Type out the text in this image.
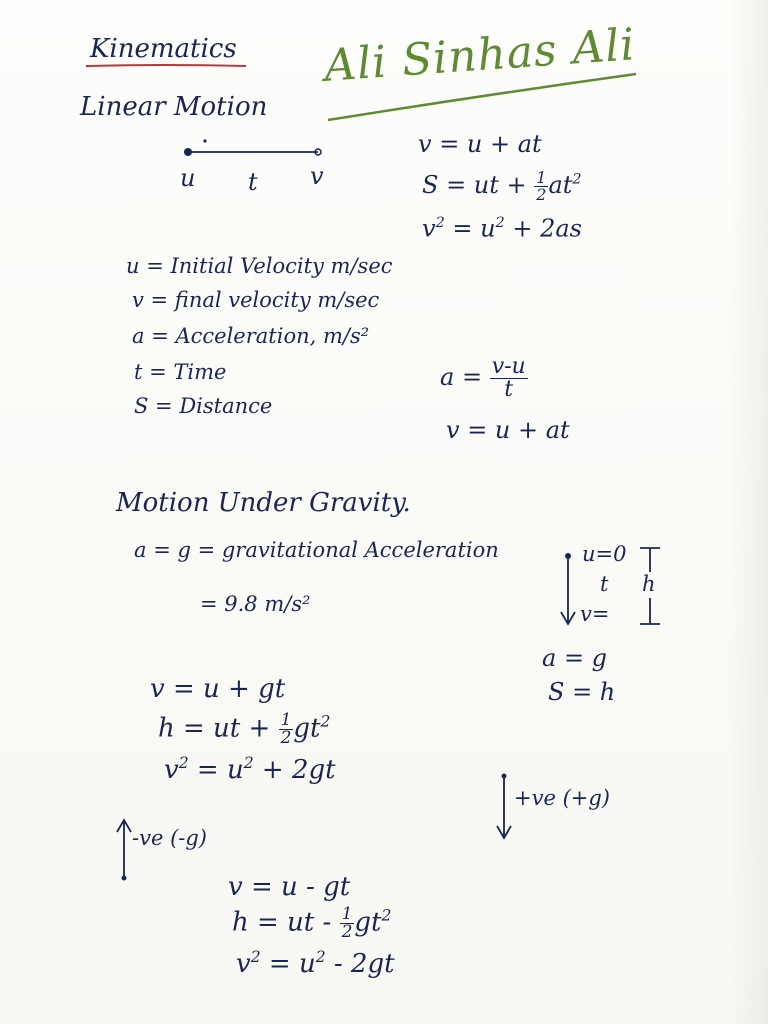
Kinematics
Linear Motion
Ali Sinhas Ali
u t v
v = u + at
S = ut + $\frac{1}{2} at^2$
$v^2 = u^2 + 2as$
u = Initial Velocity m/sec
v = final velocity m/sec
a = Acceleration, m/s²
t = Time
S = Distance
$a = \frac{v-u}{t}$
v = u + at
Motion Under Gravity.
a = g = gravitational Acceleration
= 9.8 m/s²
u=0
t
v=
h
a = g
S = h
v = u + gt
h = ut + $\frac{1}{2} gt^2$
$v^2 = u^2 + 2gt$
+ve (+g)
-ve (-g)
v = u - gt
h = ut - $\frac{1}{2} gt^2$
$v^2 = u^2 - 2gt$
